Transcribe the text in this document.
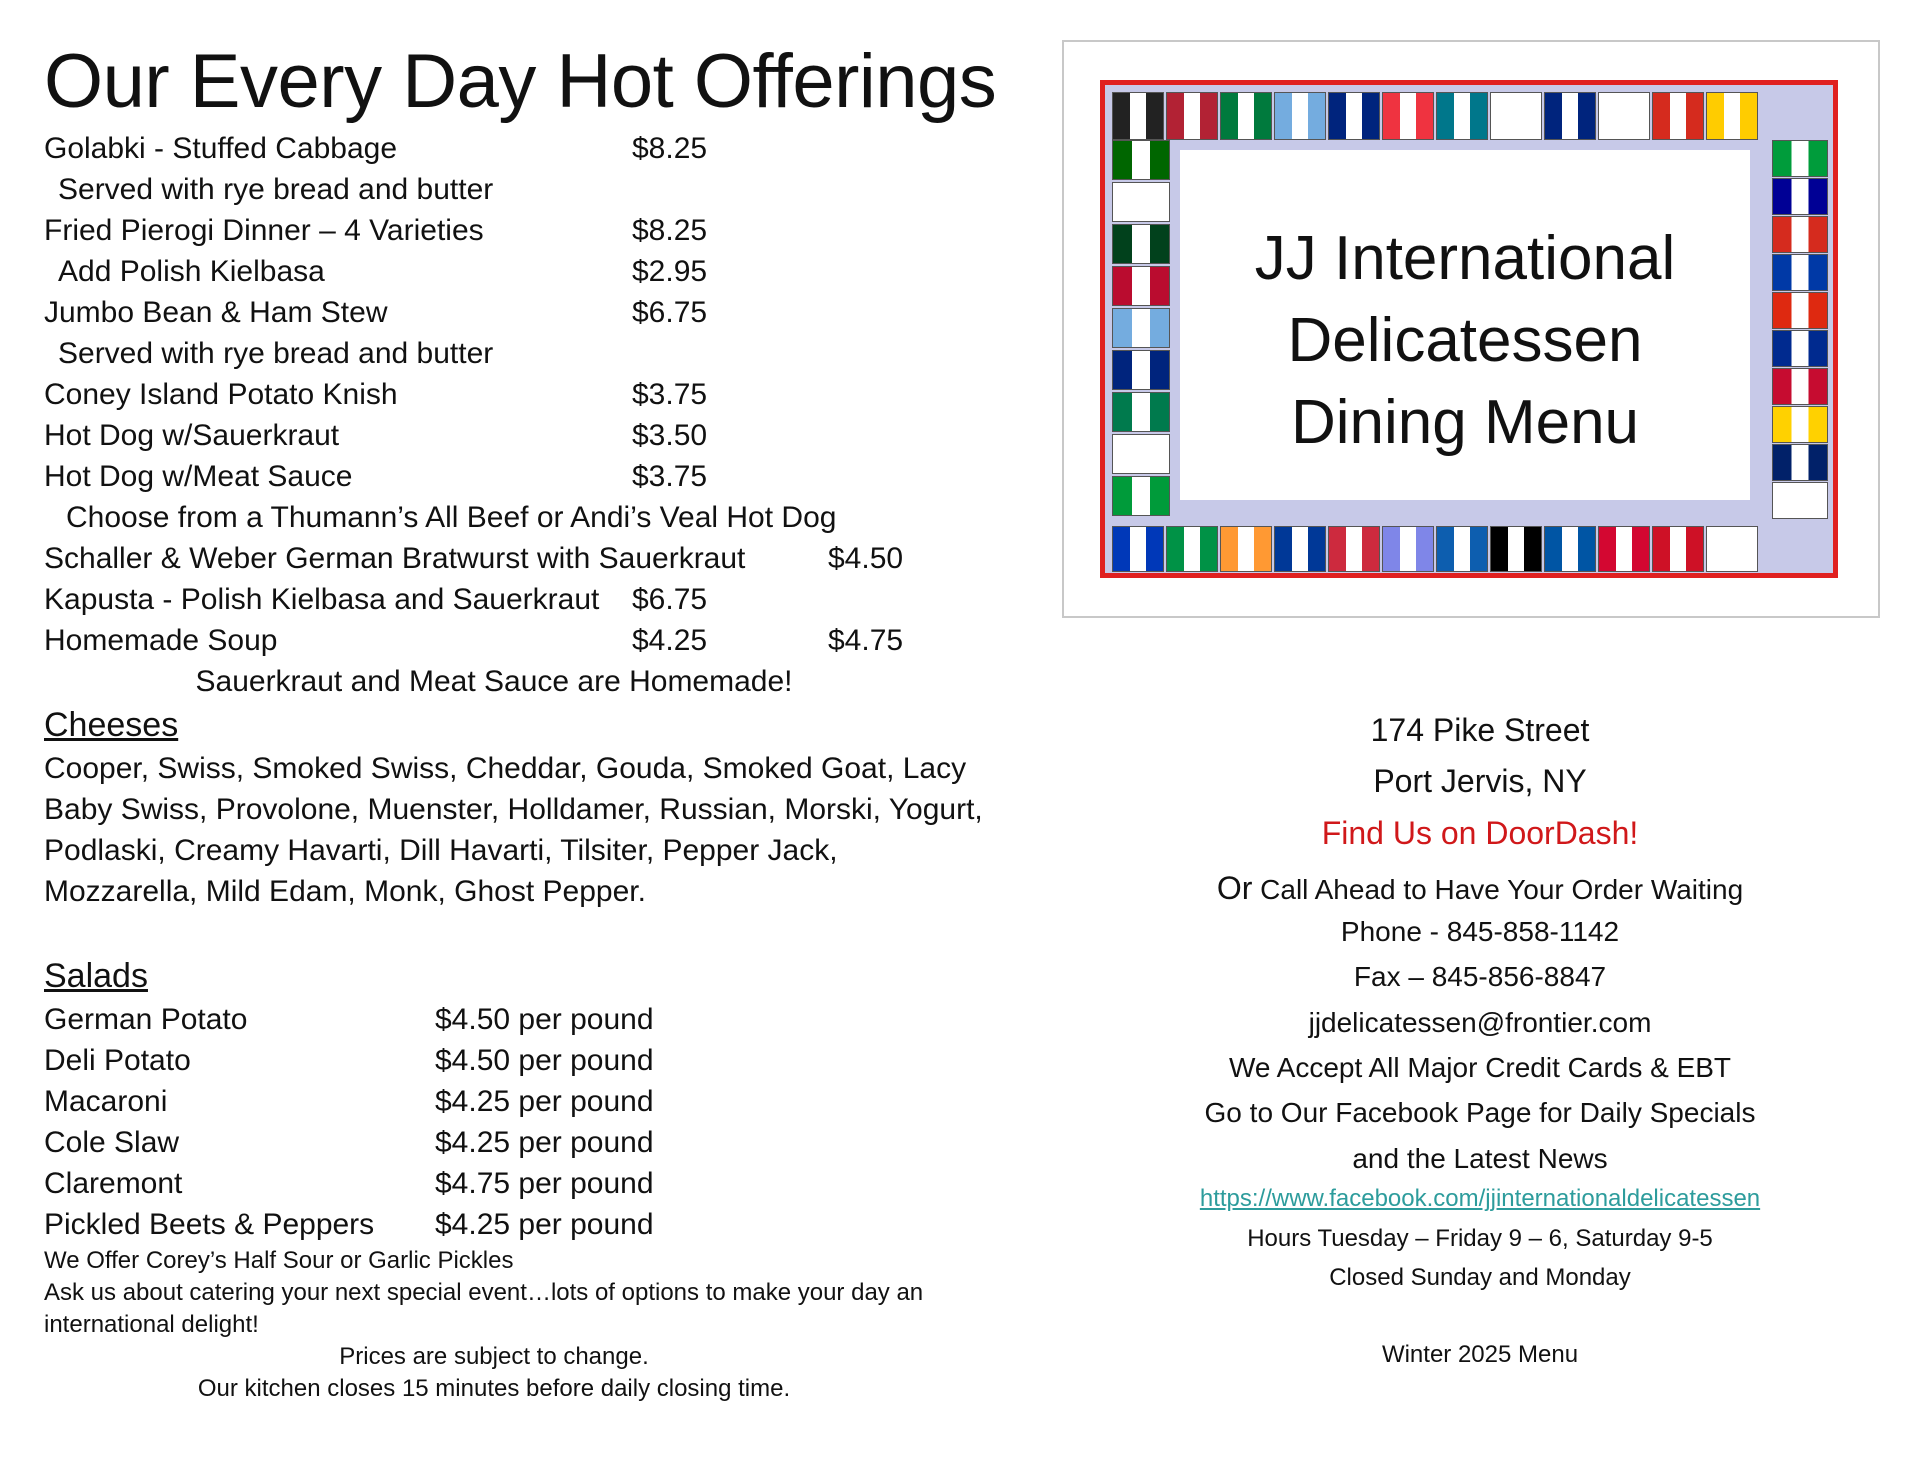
Our Every Day Hot Offerings
Golabki - Stuffed Cabbage	$8.25
Served with rye bread and butter
Fried Pierogi Dinner – 4 Varieties	$8.25
Add Polish Kielbasa	$2.95
Jumbo Bean & Ham Stew	$6.75
Served with rye bread and butter
Coney Island Potato Knish	$3.75
Hot Dog w/Sauerkraut	$3.50
Hot Dog w/Meat Sauce	$3.75
Choose from a Thumann’s All Beef or Andi’s Veal Hot Dog
Schaller & Weber German Bratwurst with Sauerkraut	$4.50
Kapusta - Polish Kielbasa and Sauerkraut $6.75
Homemade Soup	$4.25	$4.75
Sauerkraut and Meat Sauce are Homemade!
Cheeses
Cooper, Swiss, Smoked Swiss, Cheddar, Gouda, Smoked Goat, Lacy Baby Swiss, Provolone, Muenster, Holldamer, Russian, Morski, Yogurt, Podlaski, Creamy Havarti, Dill Havarti, Tilsiter, Pepper Jack, Mozzarella, Mild Edam, Monk, Ghost Pepper.
Salads
German Potato	$4.50 per pound
Deli Potato	$4.50 per pound
Macaroni	$4.25 per pound
Cole Slaw	$4.25 per pound
Claremont	$4.75 per pound
Pickled Beets & Peppers $4.25 per pound
We Offer Corey’s Half Sour or Garlic Pickles
Ask us about catering your next special event…lots of options to make your day an international delight!
Prices are subject to change.
Our kitchen closes 15 minutes before daily closing time.
JJ International
Delicatessen
Dining Menu
174 Pike Street
Port Jervis, NY
Find Us on DoorDash!
Or Call Ahead to Have Your Order Waiting
Phone - 845-858-1142
Fax – 845-856-8847
jjdelicatessen@frontier.com
We Accept All Major Credit Cards & EBT
Go to Our Facebook Page for Daily Specials
and the Latest News
https://www.facebook.com/jjinternationaldelicatessen
Hours Tuesday – Friday 9 – 6, Saturday 9-5
Closed Sunday and Monday
Winter 2025 Menu
